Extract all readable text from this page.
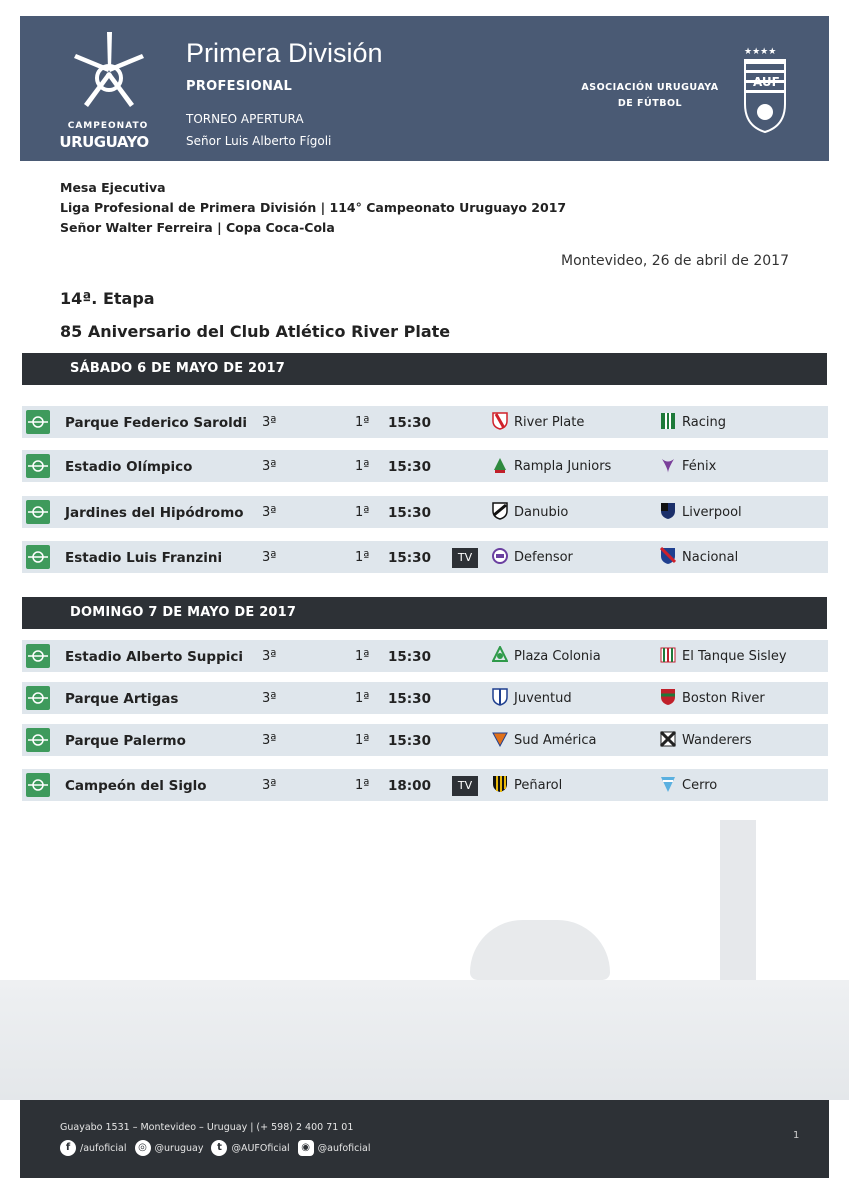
CAMPEONATO
URUGUAYO
Primera División
PROFESIONAL
TORNEO APERTURA
Señor Luis Alberto Fígoli
ASOCIACIÓN URUGUAYA
DE FÚTBOL
★★★★
AUF
Mesa Ejecutiva
Liga Profesional de Primera División | 114° Campeonato Uruguayo 2017
Señor Walter Ferreira | Copa Coca-Cola
Montevideo, 26 de abril de 2017
14ª. Etapa
85 Aniversario del Club Atlético River Plate
SÁBADO 6 DE MAYO DE 2017
Parque Federico Saroldi 3ª	1ª 15:30	River Plate	Racing
Estadio Olímpico	3ª	1ª 15:30	Rampla Juniors	Fénix
Jardines del Hipódromo 3ª	1ª 15:30	Danubio	Liverpool
Estadio Luis Franzini	3ª	1ª 15:30	TV	Defensor	Nacional
DOMINGO 7 DE MAYO DE 2017
Estadio Alberto Suppici 3ª	1ª 15:30	Plaza Colonia	El Tanque Sisley
Parque Artigas	3ª	1ª 15:30	Juventud	Boston River
Parque Palermo	3ª	1ª 15:30	Sud América	Wanderers
Campeón del Siglo	3ª	1ª 18:00	TV	Peñarol	Cerro
Guayabo 1531 – Montevideo – Uruguay | (+ 598) 2 400 71 01
f	/aufoficial	◎ @uruguay	t	@AUFOficial	◉ @aufoficial
1
